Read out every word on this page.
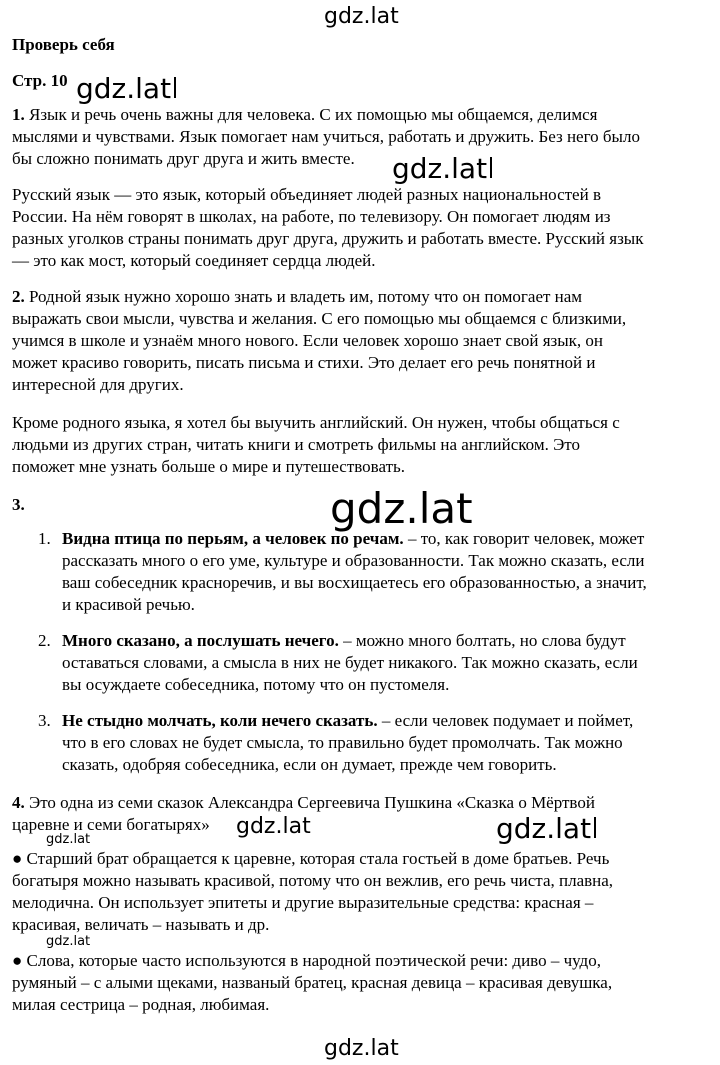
gdz.lat
gdz.lat
gdz.lat
gdz.lat
gdz.lat
gdz.lat
gdz.lat
gdz.lat
gdz.lat

Проверь себя

Стр. 10

1. Язык и речь очень важны для человека. С их помощью мы общаемся, делимся
мыслями и чувствами. Язык помогает нам учиться, работать и дружить. Без него было
бы сложно понимать друг друга и жить вместе.

Русский язык — это язык, который объединяет людей разных национальностей в
России. На нём говорят в школах, на работе, по телевизору. Он помогает людям из
разных уголков страны понимать друг друга, дружить и работать вместе. Русский язык
— это как мост, который соединяет сердца людей.

2. Родной язык нужно хорошо знать и владеть им, потому что он помогает нам
выражать свои мысли, чувства и желания. С его помощью мы общаемся с близкими,
учимся в школе и узнаём много нового. Если человек хорошо знает свой язык, он
может красиво говорить, писать письма и стихи. Это делает его речь понятной и
интересной для других.

Кроме родного языка, я хотел бы выучить английский. Он нужен, чтобы общаться с
людьми из других стран, читать книги и смотреть фильмы на английском. Это
поможет мне узнать больше о мире и путешествовать.

3.

1. Видна птица по перьям, а человек по речам. – то, как говорит человек, может
рассказать много о его уме, культуре и образованности. Так можно сказать, если
ваш собеседник красноречив, и вы восхищаетесь его образованностью, а значит,
и красивой речью.

2. Много сказано, а послушать нечего. – можно много болтать, но слова будут
оставаться словами, а смысла в них не будет никакого. Так можно сказать, если
вы осуждаете собеседника, потому что он пустомеля.

3. Не стыдно молчать, коли нечего сказать. – если человек подумает и поймет,
что в его словах не будет смысла, то правильно будет промолчать. Так можно
сказать, одобряя собеседника, если он думает, прежде чем говорить.

4. Это одна из семи сказок Александра Сергеевича Пушкина «Сказка о Мёртвой
царевне и семи богатырях»

● Старший брат обращается к царевне, которая стала гостьей в доме братьев. Речь
богатыря можно называть красивой, потому что он вежлив, его речь чиста, плавна,
мелодична. Он использует эпитеты и другие выразительные средства: красная –
красивая, величать – называть и др.

● Слова, которые часто используются в народной поэтической речи: диво – чудо,
румяный – с алыми щеками, названый братец, красная девица – красивая девушка,
милая сестрица – родная, любимая.
